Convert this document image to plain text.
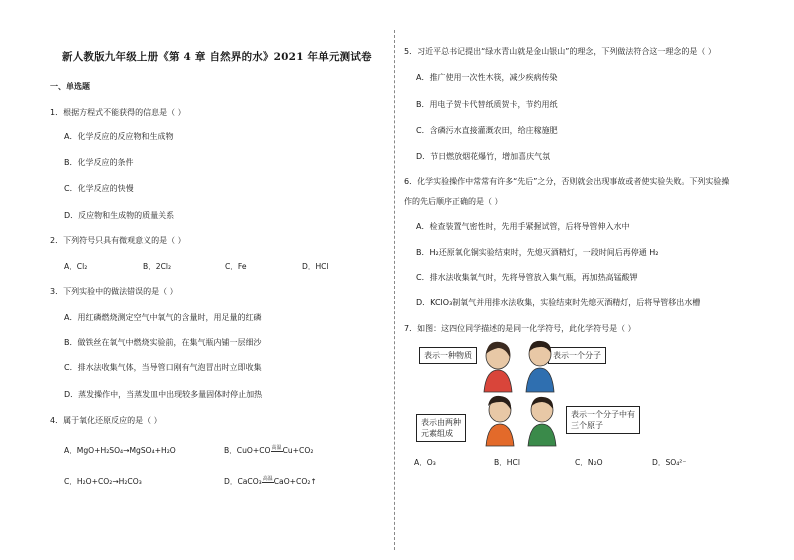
新人教版九年级上册《第 4 章 自然界的水》2021 年单元测试卷
一、单选题
1．根据方程式不能获得的信息是（ ）
A．化学反应的反应物和生成物
B．化学反应的条件
C．化学反应的快慢
D．反应物和生成物的质量关系
2．下列符号只具有微观意义的是（ ）
A．Cl₂	B．2Cl₂	C．Fe	D．HCl
3．下列实验中的做法错误的是（ ）
A．用红磷燃烧测定空气中氧气的含量时，用足量的红磷
B．做铁丝在氧气中燃烧实验前，在集气瓶内铺一层细沙
C．排水法收集气体，当导管口刚有气泡冒出时立即收集
D．蒸发操作中，当蒸发皿中出现较多量固体时停止加热
4．属于氧化还原反应的是（ ）
A．MgO+H₂SO₄→MgSO₄+H₂O	B．CuO+CO高温Cu+CO₂
C．H₂O+CO₂→H₂CO₃	D．CaCO₃高温CaO+CO₂↑
5．习近平总书记提出“绿水青山就是金山银山”的理念，下列做法符合这一理念的是（ ）
A．推广使用一次性木筷，减少疾病传染
B．用电子贺卡代替纸质贺卡，节约用纸
C．含磷污水直接灌溉农田，给庄稼施肥
D．节日燃放烟花爆竹，增加喜庆气氛
6．化学实验操作中常常有许多“先后”之分，否则就会出现事故或者使实验失败。下列实验操
作的先后顺序正确的是（ ）
A．检查装置气密性时，先用手紧握试管，后将导管伸入水中
B．H₂还原氧化铜实验结束时，先熄灭酒精灯，一段时间后再停通 H₂
C．排水法收集氧气时，先将导管放入集气瓶，再加热高锰酸钾
D．KClO₃制氧气并用排水法收集，实验结束时先熄灭酒精灯，后将导管移出水槽
7．如图：这四位同学描述的是同一化学符号，此化学符号是（ ）
表示一种物质	表示一个分子
表示由两种元素组成
表示一个分子中有三个原子
A．O₃	B．HCl	C．N₂O	D．SO₄²⁻
